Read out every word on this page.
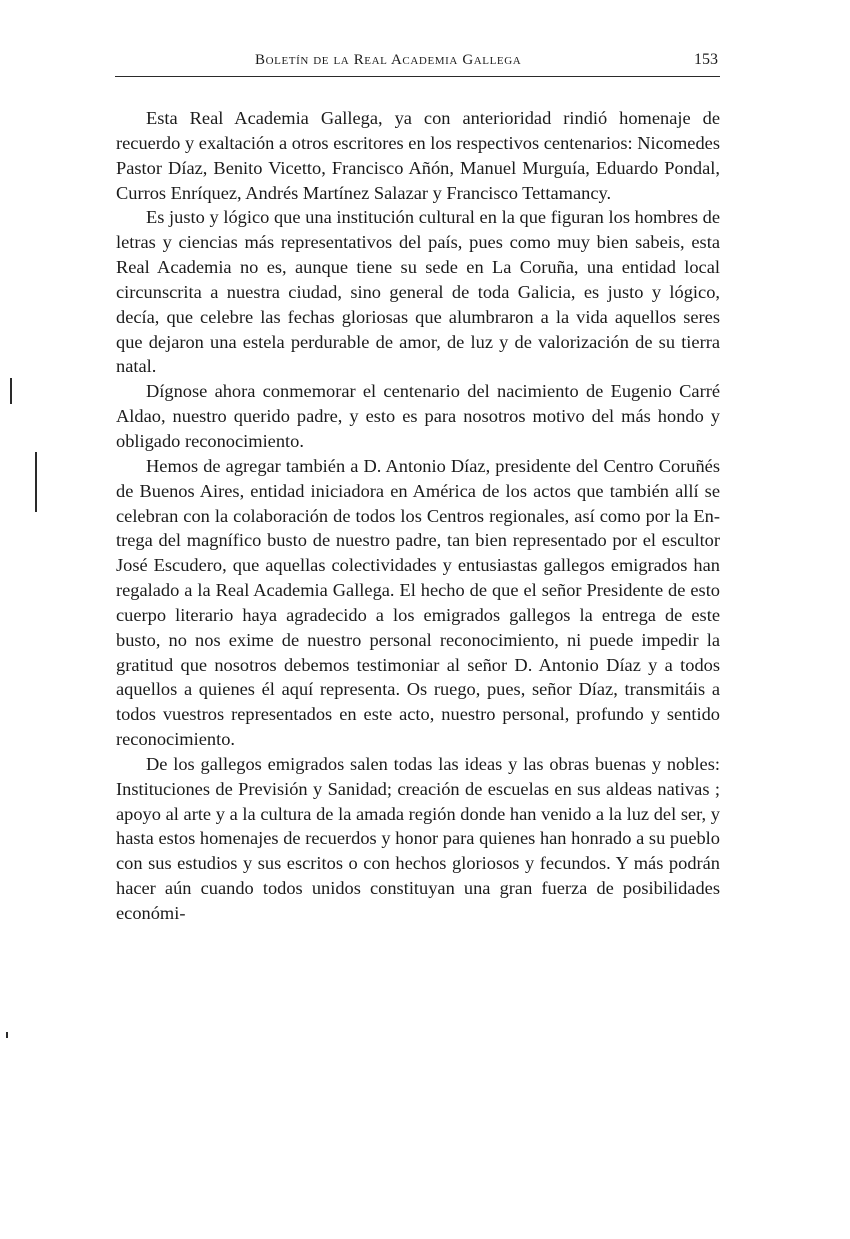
Boletín de la Real Academia Gallega	153

Esta Real Academia Gallega, ya con anterioridad rindió homenaje de recuerdo y exaltación a otros escritores en los respectivos centenarios: Nicomedes Pastor Díaz, Benito Vicetto, Francisco Añón, Manuel Murguía, Eduardo Pondal, Curros Enríquez, Andrés Martínez Salazar y Francisco Tettamancy.

Es justo y lógico que una institución cultural en la que figuran los hombres de letras y ciencias más representativos del país, pues como muy bien sabeis, esta Real Academia no es, aunque tiene su sede en La Coruña, una entidad local circunscrita a nuestra ciudad, sino general de toda Galicia, es justo y lógico, decía, que celebre las fechas gloriosas que alumbraron a la vida aquellos seres que dejaron una estela perdurable de amor, de luz y de valorización de su tierra natal.

Dígnose ahora conmemorar el centenario del nacimiento de Eugenio Carré Aldao, nuestro querido padre, y esto es para nosotros motivo del más hondo y obligado reconocimiento.

Hemos de agregar también a D. Antonio Díaz, presidente del Centro Coruñés de Buenos Aires, entidad iniciadora en América de los actos que también allí se celebran con la colaboración de todos los Centros regionales, así como por la Entrega del magnífico busto de nuestro padre, tan bien representado por el escultor José Escudero, que aquellas colectividades y entusiastas gallegos emigrados han regalado a la Real Academia Gallega. El hecho de que el señor Presidente de esto cuerpo literario haya agradecido a los emigrados gallegos la entrega de este busto, no nos exime de nuestro personal reconocimiento, ni puede impedir la gratitud que nosotros debemos testimoniar al señor D. Antonio Díaz y a todos aquellos a quienes él aquí representa. Os ruego, pues, señor Díaz, transmitáis a todos vuestros representados en este acto, nuestro personal, profundo y sentido reconocimiento.

De los gallegos emigrados salen todas las ideas y las obras buenas y nobles: Instituciones de Previsión y Sanidad; creación de escuelas en sus aldeas nativas ; apoyo al arte y a la cultura de la amada región donde han venido a la luz del ser, y hasta estos homenajes de recuerdos y honor para quienes han honrado a su pueblo con sus estudios y sus escritos o con hechos gloriosos y fecundos. Y más podrán hacer aún cuando todos unidos constituyan una gran fuerza de posibilidades económi-
